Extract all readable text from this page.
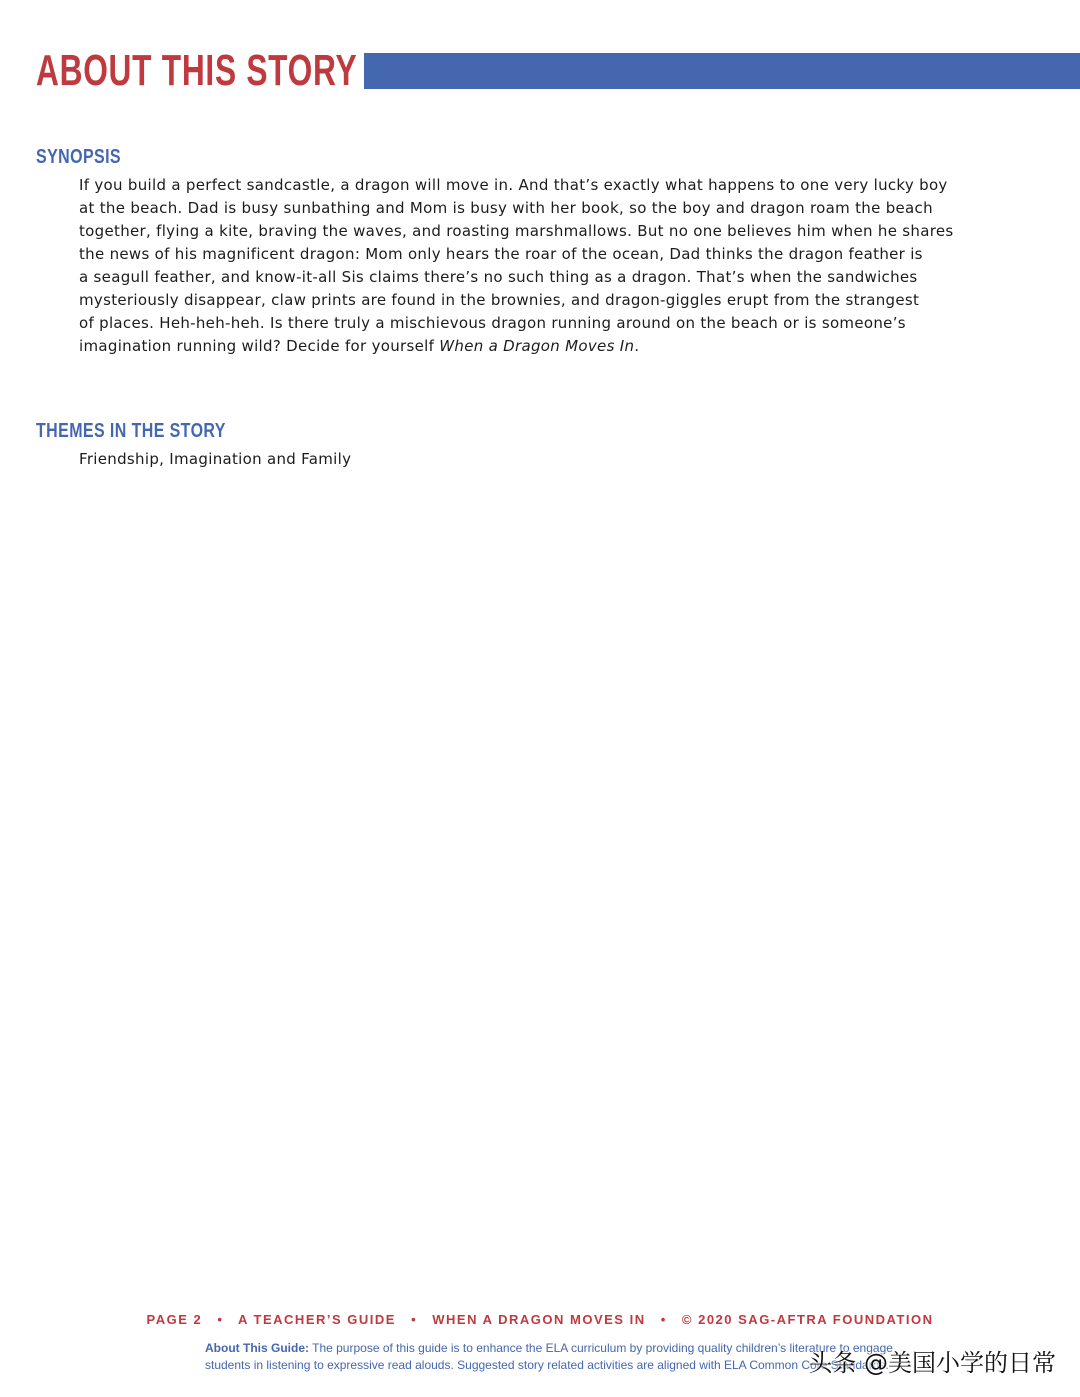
ABOUT THIS STORY
SYNOPSIS
If you build a perfect sandcastle, a dragon will move in. And that’s exactly what happens to one very lucky boy
at the beach. Dad is busy sunbathing and Mom is busy with her book, so the boy and dragon roam the beach
together, flying a kite, braving the waves, and roasting marshmallows. But no one believes him when he shares
the news of his magnificent dragon: Mom only hears the roar of the ocean, Dad thinks the dragon feather is
a seagull feather, and know-it-all Sis claims there’s no such thing as a dragon. That’s when the sandwiches
mysteriously disappear, claw prints are found in the brownies, and dragon-giggles erupt from the strangest
of places. Heh-heh-heh. Is there truly a mischievous dragon running around on the beach or is someone’s
imagination running wild? Decide for yourself When a Dragon Moves In.
THEMES IN THE STORY
Friendship, Imagination and Family
PAGE 2 • A TEACHER’S GUIDE • WHEN A DRAGON MOVES IN • © 2020 SAG-AFTRA FOUNDATION
About This Guide: The purpose of this guide is to enhance the ELA curriculum by providing quality children’s literature to engage students in listening to expressive read alouds. Suggested story related activities are aligned with ELA Common Core Standards.
头条 @美国小学的日常
